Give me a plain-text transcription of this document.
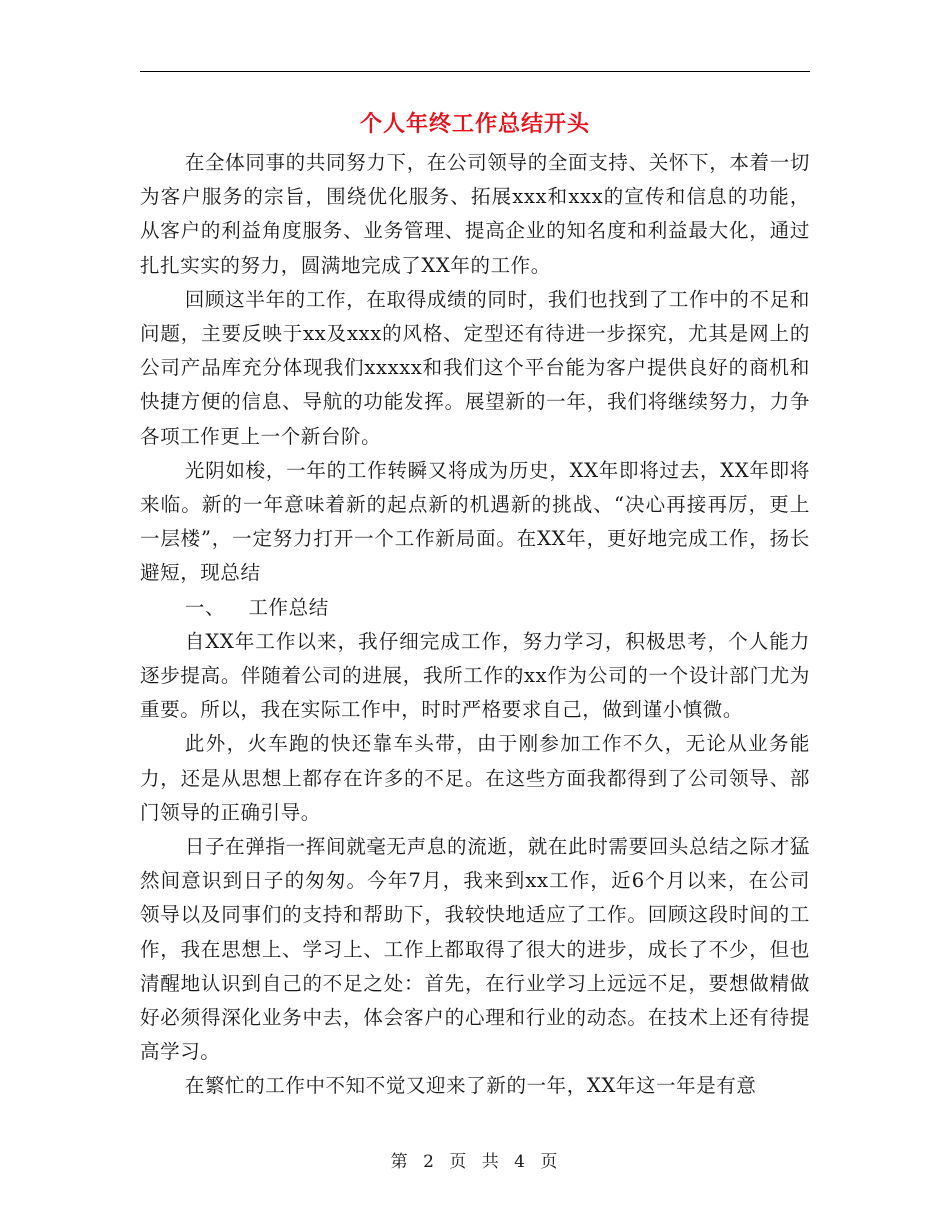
个人年终工作总结开头

在全体同事的共同努力下，在公司领导的全面支持、关怀下，本着一切为客户服务的宗旨，围绕优化服务、拓展xxx和xxx的宣传和信息的功能，从客户的利益角度服务、业务管理、提高企业的知名度和利益最大化，通过扎扎实实的努力，圆满地完成了XX年的工作。

回顾这半年的工作，在取得成绩的同时，我们也找到了工作中的不足和问题，主要反映于xx及xxx的风格、定型还有待进一步探究，尤其是网上的公司产品库充分体现我们xxxxx和我们这个平台能为客户提供良好的商机和快捷方便的信息、导航的功能发挥。展望新的一年，我们将继续努力，力争各项工作更上一个新台阶。

光阴如梭，一年的工作转瞬又将成为历史，XX年即将过去，XX年即将来临。新的一年意味着新的起点新的机遇新的挑战、“决心再接再厉，更上一层楼”，一定努力打开一个工作新局面。在XX年，更好地完成工作，扬长避短，现总结

一、 工作总结

自XX年工作以来，我仔细完成工作，努力学习，积极思考，个人能力逐步提高。伴随着公司的进展，我所工作的xx作为公司的一个设计部门尤为重要。所以，我在实际工作中，时时严格要求自己，做到谨小慎微。

此外，火车跑的快还靠车头带，由于刚参加工作不久，无论从业务能力，还是从思想上都存在许多的不足。在这些方面我都得到了公司领导、部门领导的正确引导。

日子在弹指一挥间就毫无声息的流逝，就在此时需要回头总结之际才猛然间意识到日子的匆匆。今年7月，我来到xx工作，近6个月以来，在公司领导以及同事们的支持和帮助下，我较快地适应了工作。回顾这段时间的工作，我在思想上、学习上、工作上都取得了很大的进步，成长了不少，但也清醒地认识到自己的不足之处：首先，在行业学习上远远不足，要想做精做好必须得深化业务中去，体会客户的心理和行业的动态。在技术上还有待提高学习。

在繁忙的工作中不知不觉又迎来了新的一年，XX年这一年是有意

第 2 页 共 4 页
